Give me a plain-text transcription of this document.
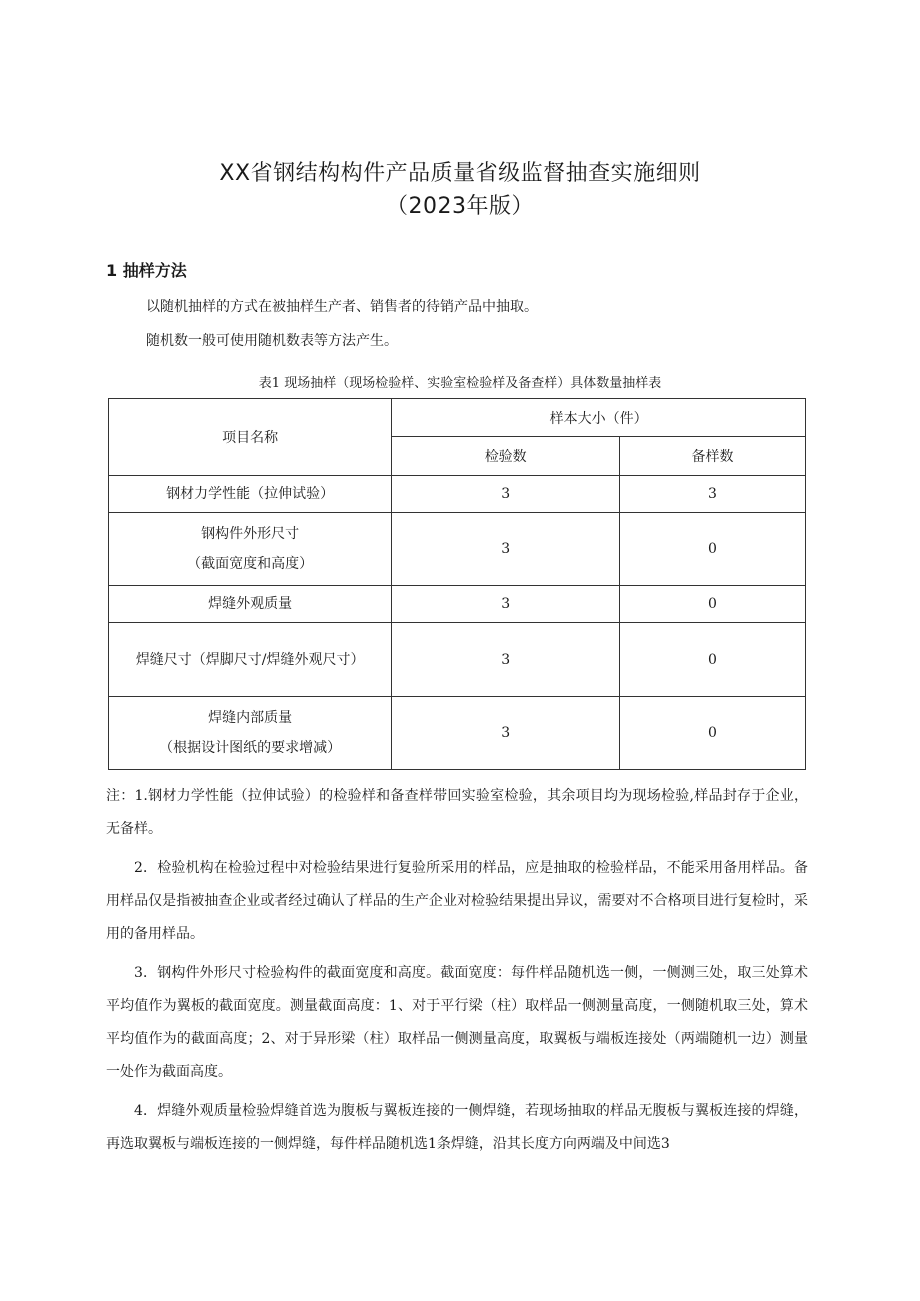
XX省钢结构构件产品质量省级监督抽查实施细则
（2023年版）
1 抽样方法
以随机抽样的方式在被抽样生产者、销售者的待销产品中抽取。
随机数一般可使用随机数表等方法产生。
表1 现场抽样（现场检验样、实验室检验样及备查样）具体数量抽样表
项目名称	样本大小（件）	
	检验数	备样数

钢材力学性能（拉伸试验）	3	3

钢构件外形尺寸
（截面宽度和高度）	3	0

焊缝外观质量	3	0

焊缝尺寸（焊脚尺寸/焊缝外观尺寸）	3	0

焊缝内部质量
（根据设计图纸的要求增减）	3	0

注：1.钢材力学性能（拉伸试验）的检验样和备查样带回实验室检验，其余项目均为现场检验,样品封存于企业，无备样。

2．检验机构在检验过程中对检验结果进行复验所采用的样品，应是抽取的检验样品，不能采用备用样品。备用样品仅是指被抽查企业或者经过确认了样品的生产企业对检验结果提出异议，需要对不合格项目进行复检时，采用的备用样品。

3．钢构件外形尺寸检验构件的截面宽度和高度。截面宽度：每件样品随机选一侧，一侧测三处，取三处算术平均值作为翼板的截面宽度。测量截面高度：1、对于平行梁（柱）取样品一侧测量高度，一侧随机取三处，算术平均值作为的截面高度；2、对于异形梁（柱）取样品一侧测量高度，取翼板与端板连接处（两端随机一边）测量一处作为截面高度。

4．焊缝外观质量检验焊缝首选为腹板与翼板连接的一侧焊缝，若现场抽取的样品无腹板与翼板连接的焊缝，再选取翼板与端板连接的一侧焊缝，每件样品随机选1条焊缝，沿其长度方向两端及中间选3
